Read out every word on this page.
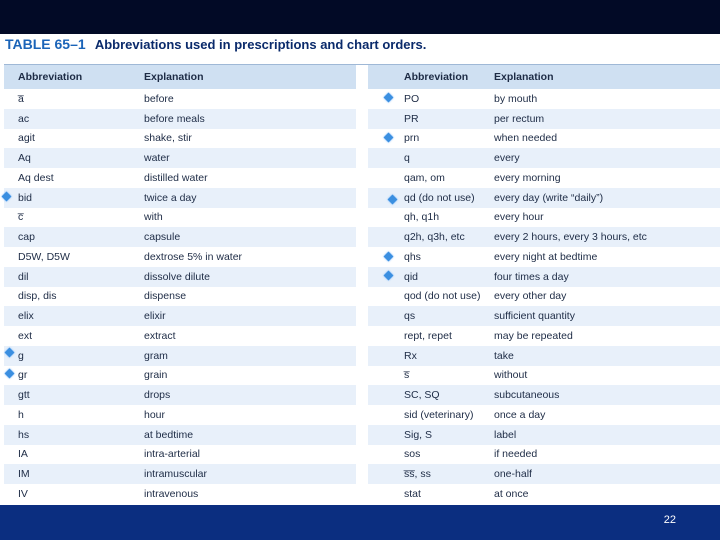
TABLE 65–1 Abbreviations used in prescriptions and chart orders.
Abbreviation	Explanation
a̅	before
ac	before meals
agit	shake, stir
Aq	water
Aq dest	distilled water
bid	twice a day
c̅	with
cap	capsule
D5W, D5W	dextrose 5% in water
dil	dissolve dilute
disp, dis	dispense
elix	elixir
ext	extract
g	gram
gr	grain
gtt	drops
h	hour
hs	at bedtime
IA	intra-arterial
IM	intramuscular
IV	intravenous
Abbreviation	Explanation
PO	by mouth
PR	per rectum
prn	when needed
q	every
qam, om	every morning
qd (do not use)	every day (write “daily”)
qh, q1h	every hour
q2h, q3h, etc	every 2 hours, every 3 hours, etc
qhs	every night at bedtime
qid	four times a day
qod (do not use)	every other day
qs	sufficient quantity
rept, repet	may be repeated
Rx	take
s̅	without
SC, SQ	subcutaneous
sid (veterinary)	once a day
Sig, S	label
sos	if needed
s̅s̅, ss	one-half
stat	at once
22
